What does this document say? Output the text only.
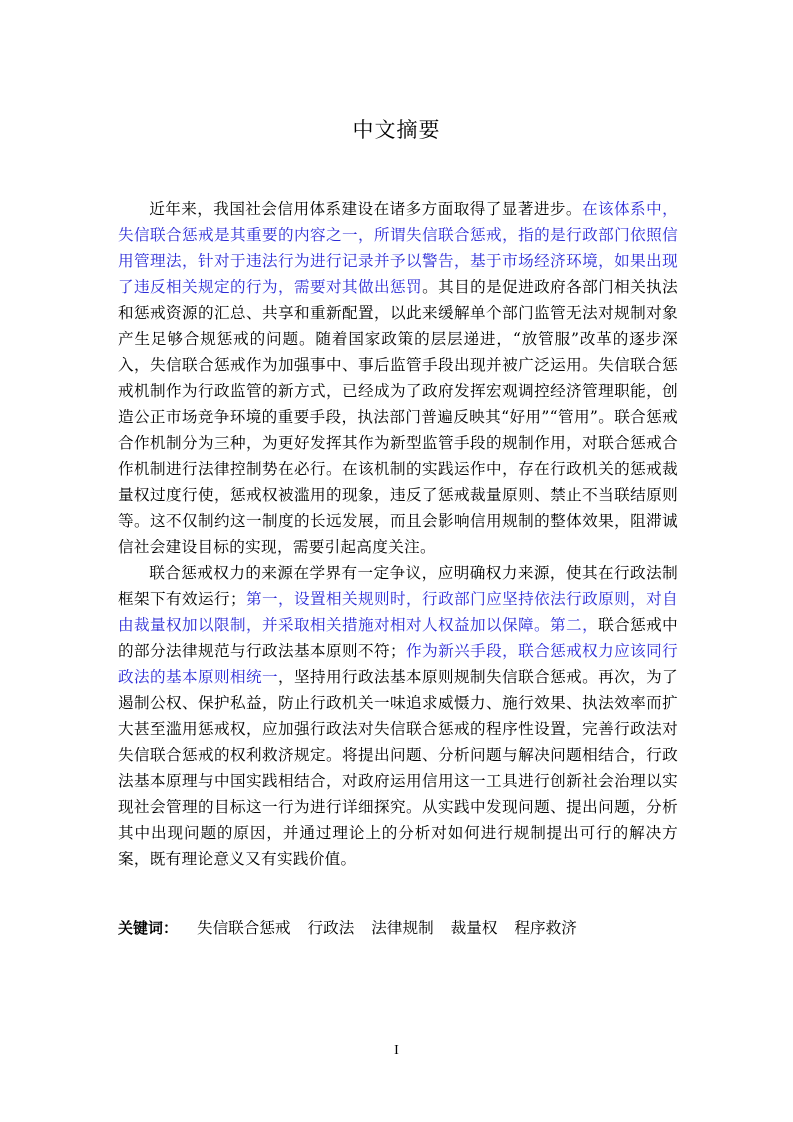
中文摘要

近年来，我国社会信用体系建设在诸多方面取得了显著进步。在该体系中，失信联合惩戒是其重要的内容之一，所谓失信联合惩戒，指的是行政部门依照信用管理法，针对于违法行为进行记录并予以警告，基于市场经济环境，如果出现了违反相关规定的行为，需要对其做出惩罚。其目的是促进政府各部门相关执法和惩戒资源的汇总、共享和重新配置，以此来缓解单个部门监管无法对规制对象产生足够合规惩戒的问题。随着国家政策的层层递进，“放管服”改革的逐步深入，失信联合惩戒作为加强事中、事后监管手段出现并被广泛运用。失信联合惩戒机制作为行政监管的新方式，已经成为了政府发挥宏观调控经济管理职能，创造公正市场竞争环境的重要手段，执法部门普遍反映其“好用”“管用”。联合惩戒合作机制分为三种，为更好发挥其作为新型监管手段的规制作用，对联合惩戒合作机制进行法律控制势在必行。在该机制的实践运作中，存在行政机关的惩戒裁量权过度行使，惩戒权被滥用的现象，违反了惩戒裁量原则、禁止不当联结原则等。这不仅制约这一制度的长远发展，而且会影响信用规制的整体效果，阻滞诚信社会建设目标的实现，需要引起高度关注。

联合惩戒权力的来源在学界有一定争议，应明确权力来源，使其在行政法制框架下有效运行；第一，设置相关规则时，行政部门应坚持依法行政原则，对自由裁量权加以限制，并采取相关措施对相对人权益加以保障。第二，联合惩戒中的部分法律规范与行政法基本原则不符；作为新兴手段，联合惩戒权力应该同行政法的基本原则相统一，坚持用行政法基本原则规制失信联合惩戒。再次，为了遏制公权、保护私益，防止行政机关一味追求威慑力、施行效果、执法效率而扩大甚至滥用惩戒权，应加强行政法对失信联合惩戒的程序性设置，完善行政法对失信联合惩戒的权利救济规定。将提出问题、分析问题与解决问题相结合，行政法基本原理与中国实践相结合，对政府运用信用这一工具进行创新社会治理以实现社会管理的目标这一行为进行详细探究。从实践中发现问题、提出问题，分析其中出现问题的原因，并通过理论上的分析对如何进行规制提出可行的解决方案，既有理论意义又有实践价值。

关键词： 失信联合惩戒 行政法 法律规制 裁量权 程序救济
I
